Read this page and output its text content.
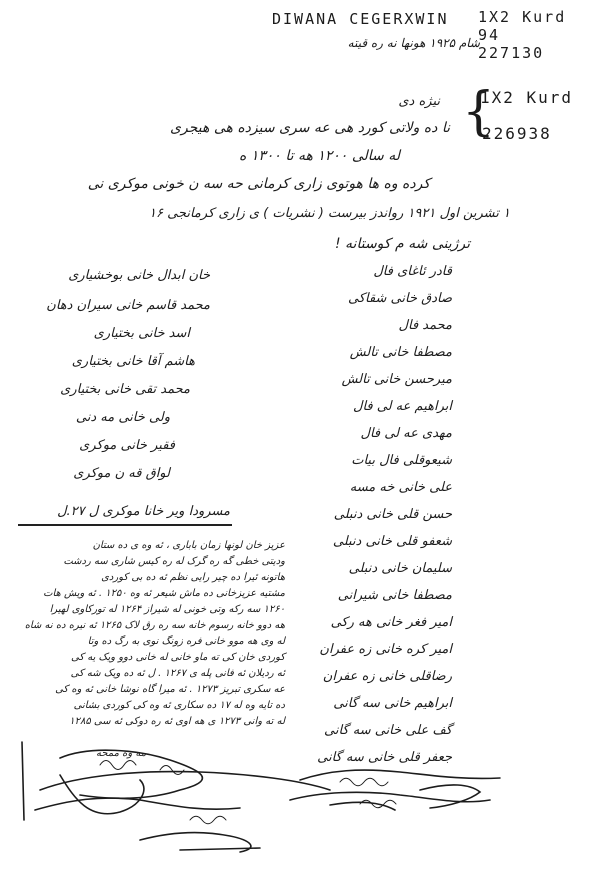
DIWANA CEGERXWIN 1X2 Kurd
94
227130
شام ۱۹۲۵ هونها نه ره قیته
{
1X2 Kurd
226938
نیژه دی
نا ده ولاتی کورد هی عه سری سیزده هی هیجری
له سالی ۱۲۰۰ هه تا ۱۳۰۰ ه
کرده وه ها هوتوی زاری کرمانی حه سه ن خونی موکری نی
۱ تشرین اول ۱۹۲۱ رواندز بیرست ( نشریات ) ی زاری کرمانجی ۱۶
ترژینی شه م کوستانه !
قادر ئاغای فال
صادق خانی شقاکی
محمد فال
مصطفا خانی تالش
میرحسن خانی تالش
ابراهیم عه لی فال
مهدی عه لی فال
شیعوقلی فال بیات
علی خانی خه مسه
حسن قلی خانی دنبلی
شعفو قلی خانی دنبلی
سلیمان خانی دنبلی
مصطفا خانی شیرانی
امیر فغر خانی هه رکی
امیر کره خانی زه عفران
رضاقلی خانی زه عفران
ابراهیم خانی سه گانی
گف علی خانی سه گانی
جعفر قلی خانی سه گانی
خان ابدال خانی بوخشیاری
محمد قاسم خانی سیران دهان
اسد خانی بختیاری
هاشم آقا خانی بختیاری
محمد تقی خانی بختیاری
ولی خانی مه دنی
فقیر خانی موکری
لواق قه ن موکری
مسرودا ویر خانا موکری ل ۲۷.ل
عزیز خان لونها زمان باباری ، ئه وه ی ده ستان
ودیتی خطی گه ره گرک له ره کیس شاری سه ردشت
هاتونه ئیرا ده چیر رایی نظم ئه ده بی کوردی
مشتیه عزیزخانی ده ماش شیعر ئه وه ۱۲۵۰ . ئه ویش هات
۱۲۶۰ سه رکه وتی خونی له شیراز ۱۲۶۴ له تورکاوی لهیرا
هه دوو خانه رسوم خانه سه ره رق لاک ۱۲۶۵ ئه نیره ده نه شاه
له وی هه موو خانی فره زونگ نوی به رگ ده وتا
کوردی خان کی ته ماو خانی له خانی دوو ویک یه کی
ئه ردیلان ئه فانی پله ی ۱۲۶۷ . ل ئه ده ویک شه کی
عه سکری تبریز ۱۲۷۳ . ئه میرا گاه نوشا خانی ئه وه کی
ده تایه وه له ۱۷ ده سکاری ئه وه کی کوردی بشانی
له ته وانی ۱۲۷۳ ی هه اوی ئه ره دوکی ئه سی ۱۲۸۵
مه وه ممحه
